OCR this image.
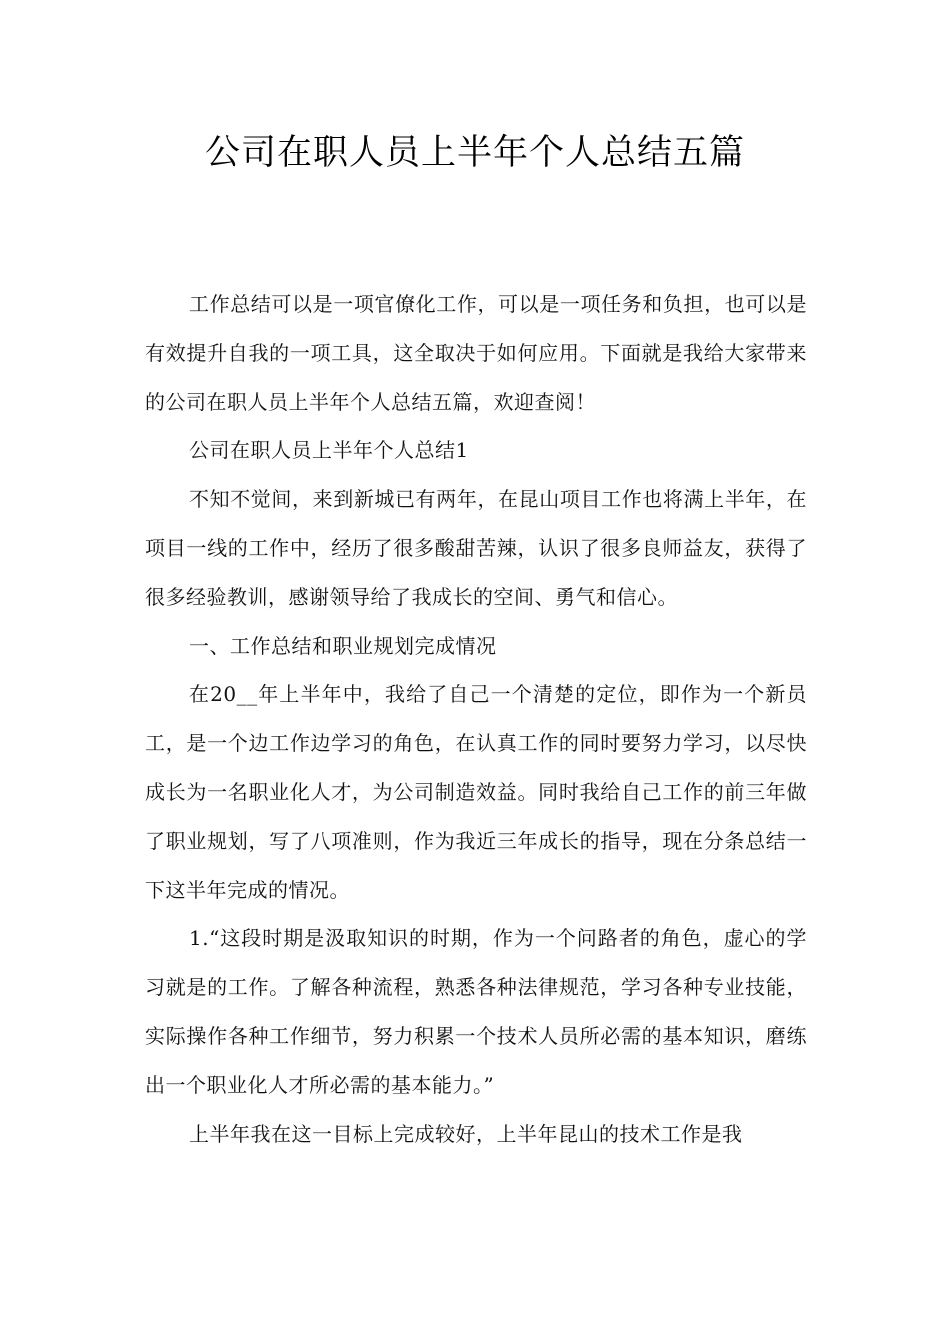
公司在职人员上半年个人总结五篇

工作总结可以是一项官僚化工作，可以是一项任务和负担，也可以是有效提升自我的一项工具，这全取决于如何应用。下面就是我给大家带来的公司在职人员上半年个人总结五篇，欢迎查阅！

公司在职人员上半年个人总结1

不知不觉间，来到新城已有两年，在昆山项目工作也将满上半年，在项目一线的工作中，经历了很多酸甜苦辣，认识了很多良师益友，获得了很多经验教训，感谢领导给了我成长的空间、勇气和信心。

一、工作总结和职业规划完成情况

在20__年上半年中，我给了自己一个清楚的定位，即作为一个新员工，是一个边工作边学习的角色，在认真工作的同时要努力学习，以尽快成长为一名职业化人才，为公司制造效益。同时我给自己工作的前三年做了职业规划，写了八项准则，作为我近三年成长的指导，现在分条总结一下这半年完成的情况。

1.“这段时期是汲取知识的时期，作为一个问路者的角色，虚心的学习就是的工作。了解各种流程，熟悉各种法律规范，学习各种专业技能，实际操作各种工作细节，努力积累一个技术人员所必需的基本知识，磨练出一个职业化人才所必需的基本能力。”

上半年我在这一目标上完成较好，上半年昆山的技术工作是我
